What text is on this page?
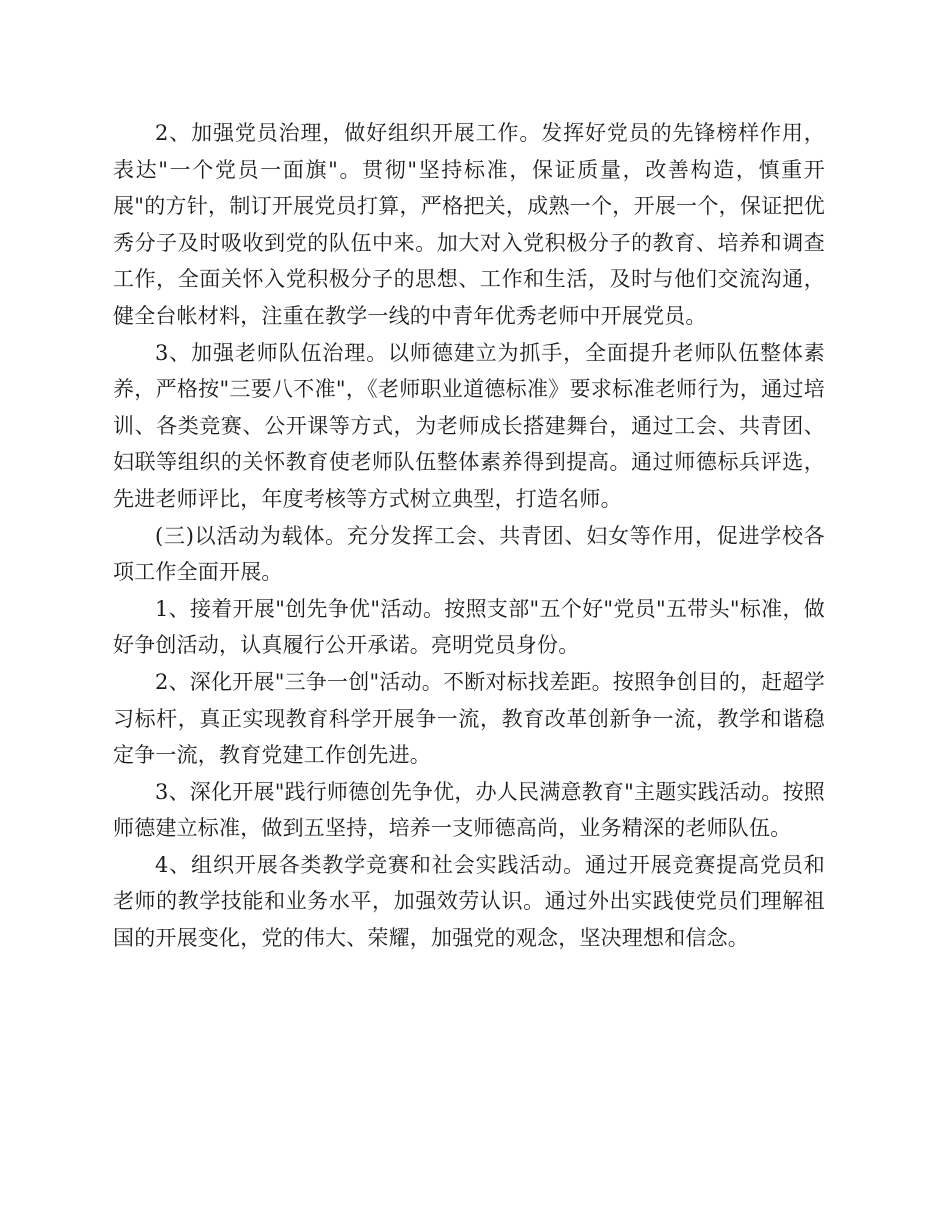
2、加强党员治理，做好组织开展工作。发挥好党员的先锋榜样作用，表达"一个党员一面旗"。贯彻"坚持标准，保证质量，改善构造，慎重开展"的方针，制订开展党员打算，严格把关，成熟一个，开展一个，保证把优秀分子及时吸收到党的队伍中来。加大对入党积极分子的教育、培养和调查工作，全面关怀入党积极分子的思想、工作和生活，及时与他们交流沟通，健全台帐材料，注重在教学一线的中青年优秀老师中开展党员。

3、加强老师队伍治理。以师德建立为抓手，全面提升老师队伍整体素养，严格按"三要八不准"，《老师职业道德标准》要求标准老师行为，通过培训、各类竞赛、公开课等方式，为老师成长搭建舞台，通过工会、共青团、妇联等组织的关怀教育使老师队伍整体素养得到提高。通过师德标兵评选，先进老师评比，年度考核等方式树立典型，打造名师。

(三)以活动为载体。充分发挥工会、共青团、妇女等作用，促进学校各项工作全面开展。

1、接着开展"创先争优"活动。按照支部"五个好"党员"五带头"标准，做好争创活动，认真履行公开承诺。亮明党员身份。

2、深化开展"三争一创"活动。不断对标找差距。按照争创目的，赶超学习标杆，真正实现教育科学开展争一流，教育改革创新争一流，教学和谐稳定争一流，教育党建工作创先进。

3、深化开展"践行师德创先争优，办人民满意教育"主题实践活动。按照师德建立标准，做到五坚持，培养一支师德高尚，业务精深的老师队伍。

4、组织开展各类教学竞赛和社会实践活动。通过开展竞赛提高党员和老师的教学技能和业务水平，加强效劳认识。通过外出实践使党员们理解祖国的开展变化，党的伟大、荣耀，加强党的观念，坚决理想和信念。
